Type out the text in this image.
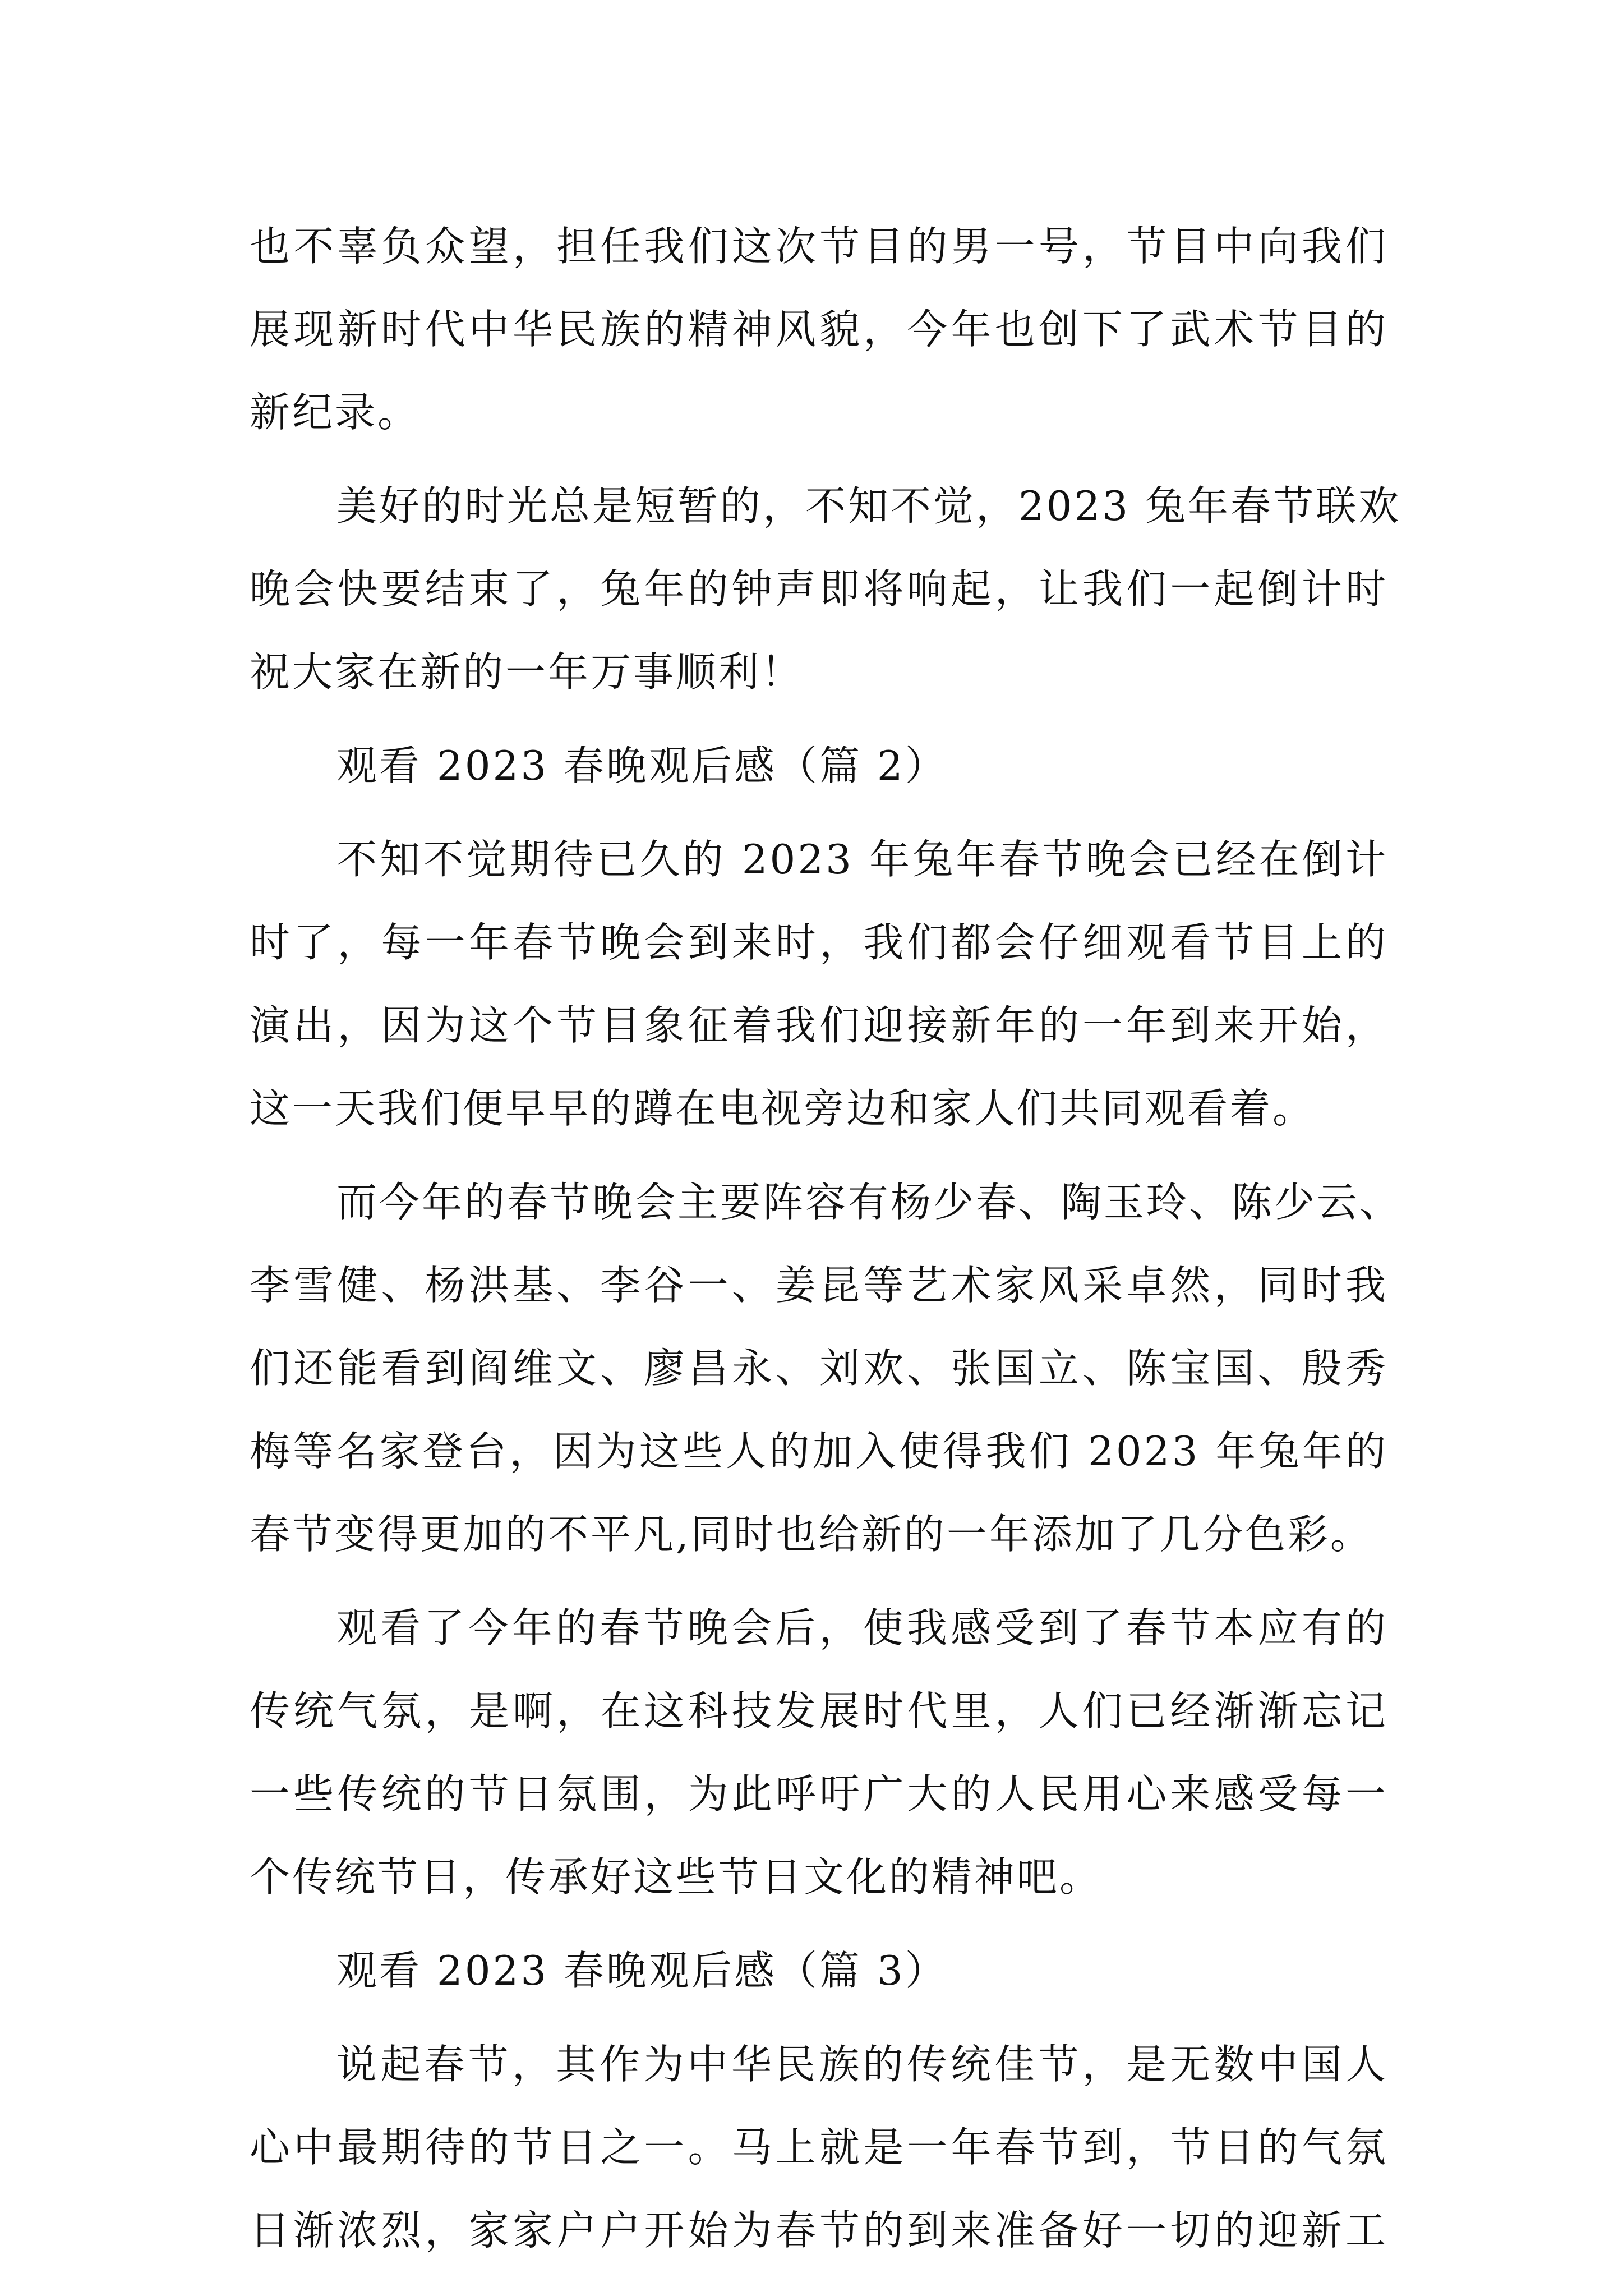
也不辜负众望，担任我们这次节目的男一号，节目中向我们
展现新时代中华民族的精神风貌，今年也创下了武术节目的
新纪录。
美好的时光总是短暂的，不知不觉，2023 兔年春节联欢
晚会快要结束了，兔年的钟声即将响起，让我们一起倒计时
祝大家在新的一年万事顺利！
观看 2023 春晚观后感（篇 2）
不知不觉期待已久的 2023 年兔年春节晚会已经在倒计
时了，每一年春节晚会到来时，我们都会仔细观看节目上的
演出，因为这个节目象征着我们迎接新年的一年到来开始，
这一天我们便早早的蹲在电视旁边和家人们共同观看着。
而今年的春节晚会主要阵容有杨少春、陶玉玲、陈少云、
李雪健、杨洪基、李谷一、姜昆等艺术家风采卓然，同时我
们还能看到阎维文、廖昌永、刘欢、张国立、陈宝国、殷秀
梅等名家登台，因为这些人的加入使得我们 2023 年兔年的
春节变得更加的不平凡,同时也给新的一年添加了几分色彩。
观看了今年的春节晚会后，使我感受到了春节本应有的
传统气氛，是啊，在这科技发展时代里，人们已经渐渐忘记
一些传统的节日氛围，为此呼吁广大的人民用心来感受每一
个传统节日，传承好这些节日文化的精神吧。
观看 2023 春晚观后感（篇 3）
说起春节，其作为中华民族的传统佳节，是无数中国人
心中最期待的节日之一。马上就是一年春节到，节日的气氛
日渐浓烈，家家户户开始为春节的到来准备好一切的迎新工
